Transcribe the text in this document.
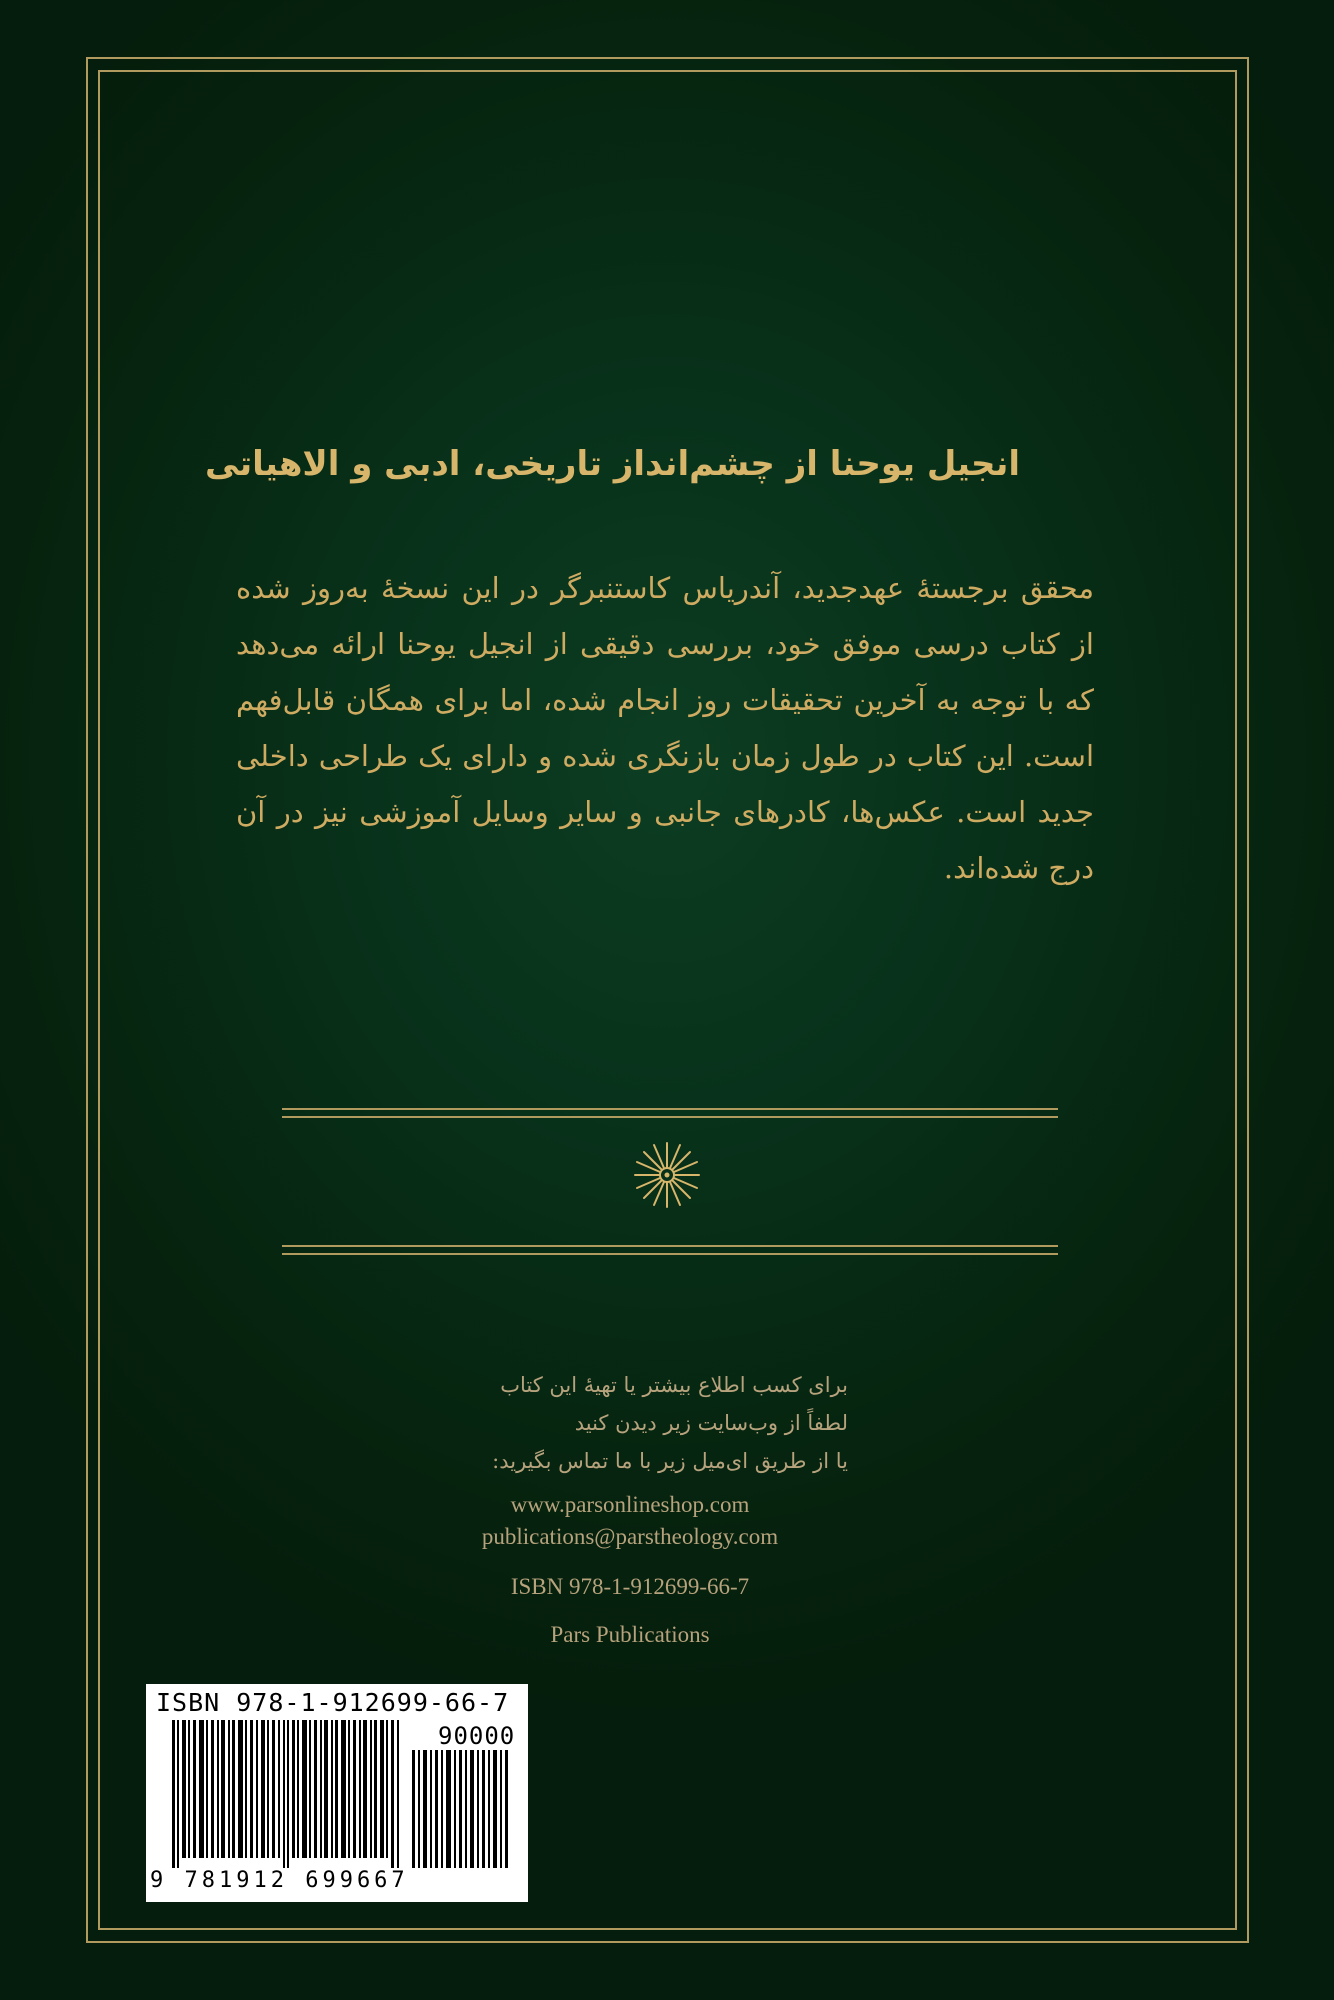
انجیل یوحنا از چشم‌انداز تاریخی، ادبی و الاهیاتی
محقق برجستهٔ عهدجدید، آندریاس کاستنبرگر در این نسخهٔ به‌روز شده از کتاب درسی موفق خود، بررسی دقیقی از انجیل یوحنا ارائه می‌دهد که با توجه به آخرین تحقیقات روز انجام شده، اما برای همگان قابل‌فهم است. این کتاب در طول زمان بازنگری شده و دارای یک طراحی داخلی جدید است. عکس‌ها، کادرهای جانبی و سایر وسایل آموزشی نیز در آن درج شده‌اند.
برای کسب اطلاع بیشتر یا تهیهٔ این کتاب
لطفاً از وب‌سایت زیر دیدن کنید
یا از طریق ای‌میل زیر با ما تماس بگیرید:
www.parsonlineshop.com
publications@parstheology.com
ISBN 978-1-912699-66-7
Pars Publications
ISBN 978-1-912699-66-7
90000
9 781912 699667
